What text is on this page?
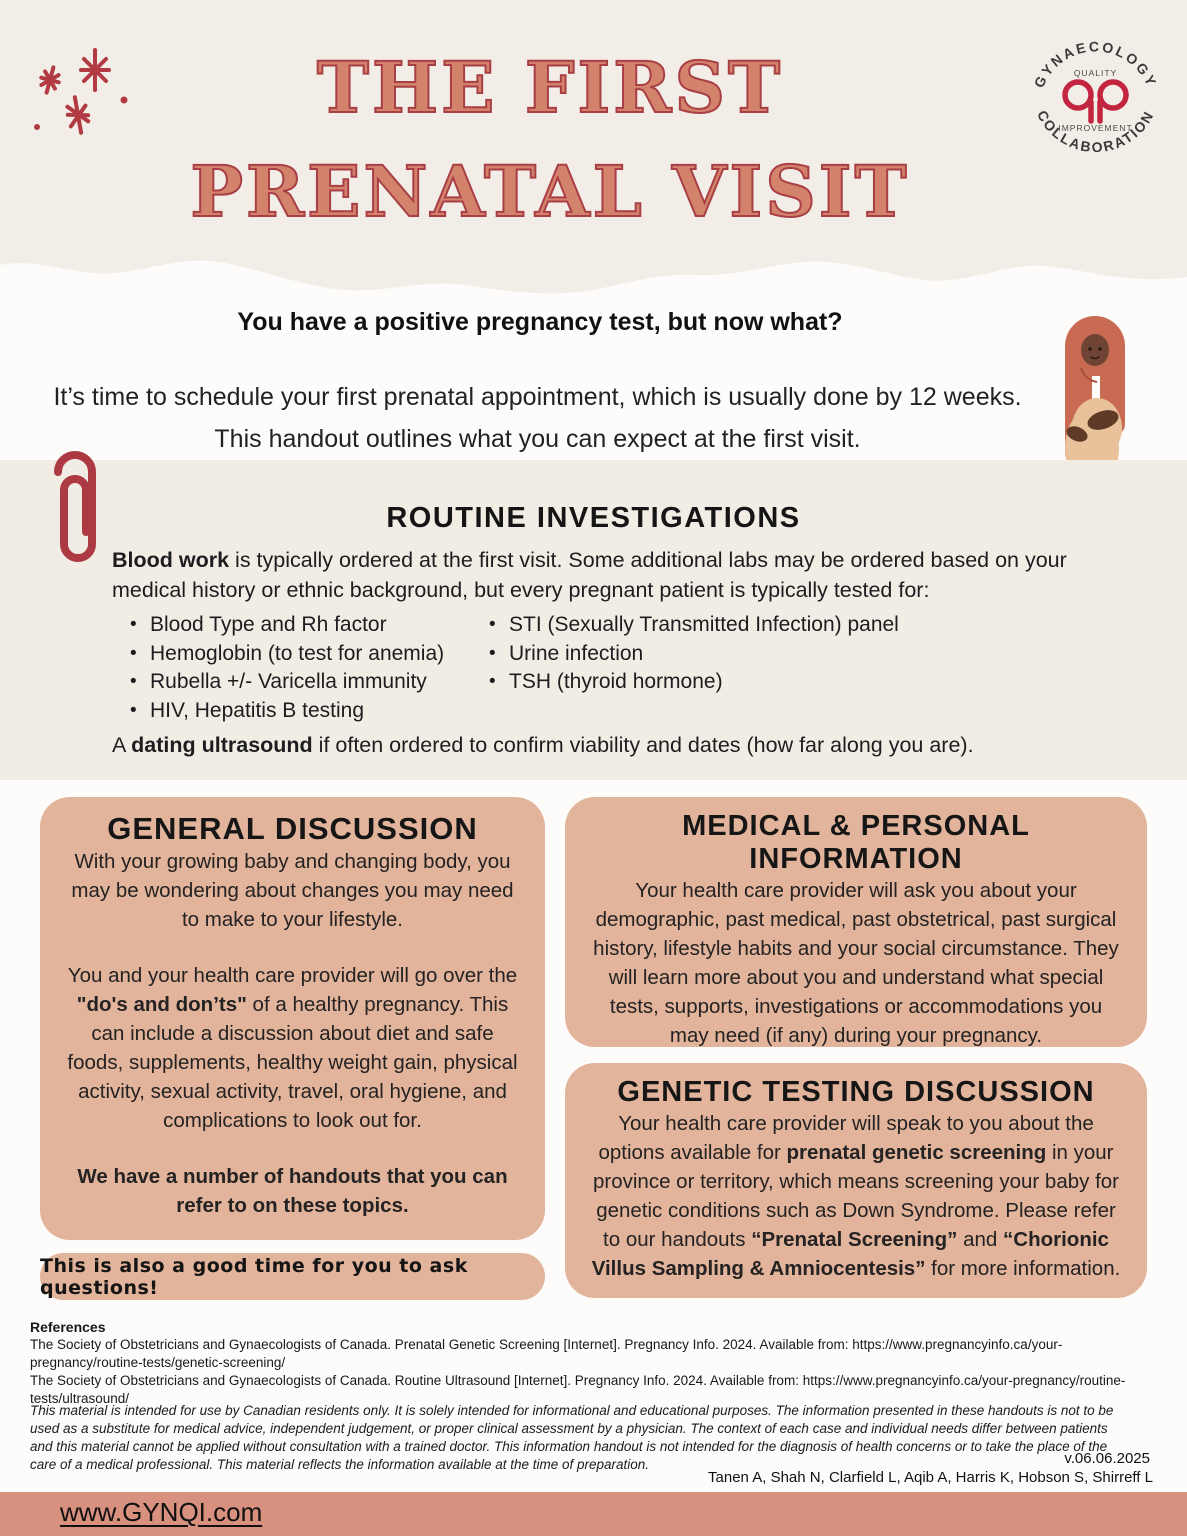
THE FIRST
PRENATAL VISIT
GYNAECOLOGY
COLLABORATION
QUALITY
IMPROVEMENT
You have a positive pregnancy test, but now what?
It’s time to schedule your first prenatal appointment, which is usually done by 12 weeks.
This handout outlines what you can expect at the first visit.
ROUTINE INVESTIGATIONS

Blood work is typically ordered at the first visit. Some additional labs may be ordered based on your medical history or ethnic background, but every pregnant patient is typically tested for:

• Blood Type and Rh factor
• Hemoglobin (to test for anemia)
• Rubella +/- Varicella immunity
• HIV, Hepatitis B testing
• STI (Sexually Transmitted Infection) panel
• Urine infection
• TSH (thyroid hormone)

A dating ultrasound if often ordered to confirm viability and dates (how far along you are).

GENERAL DISCUSSION

With your growing baby and changing body, you may be wondering about changes you may need to make to your lifestyle.

You and your health care provider will go over the "do's and don’ts" of a healthy pregnancy. This can include a discussion about diet and safe foods, supplements, healthy weight gain, physical activity, sexual activity, travel, oral hygiene, and complications to look out for.

We have a number of handouts that you can refer to on these topics.

MEDICAL & PERSONAL INFORMATION

Your health care provider will ask you about your demographic, past medical, past obstetrical, past surgical history, lifestyle habits and your social circumstance. They will learn more about you and understand what special tests, supports, investigations or accommodations you may need (if any) during your pregnancy.

GENETIC TESTING DISCUSSION

Your health care provider will speak to you about the options available for prenatal genetic screening in your province or territory, which means screening your baby for genetic conditions such as Down Syndrome. Please refer to our handouts “Prenatal Screening” and “Chorionic Villus Sampling & Amniocentesis” for more information.

This is also a good time for you to ask questions!
References
The Society of Obstetricians and Gynaecologists of Canada. Prenatal Genetic Screening [Internet]. Pregnancy Info. 2024. Available from: https://www.pregnancyinfo.ca/your-pregnancy/routine-tests/genetic-screening/
The Society of Obstetricians and Gynaecologists of Canada. Routine Ultrasound [Internet]. Pregnancy Info. 2024. Available from: https://www.pregnancyinfo.ca/your-pregnancy/routine-tests/ultrasound/

This material is intended for use by Canadian residents only. It is solely intended for informational and educational purposes. The information presented in these handouts is not to be used as a substitute for medical advice, independent judgement, or proper clinical assessment by a physician. The context of each case and individual needs differ between patients and this material cannot be applied without consultation with a trained doctor. This information handout is not intended for the diagnosis of health concerns or to take the place of the care of a medical professional. This material reflects the information available at the time of preparation.	v.06.06.2025
Tanen A, Shah N, Clarfield L, Aqib A, Harris K, Hobson S, Shirreff L
www.GYNQI.com
